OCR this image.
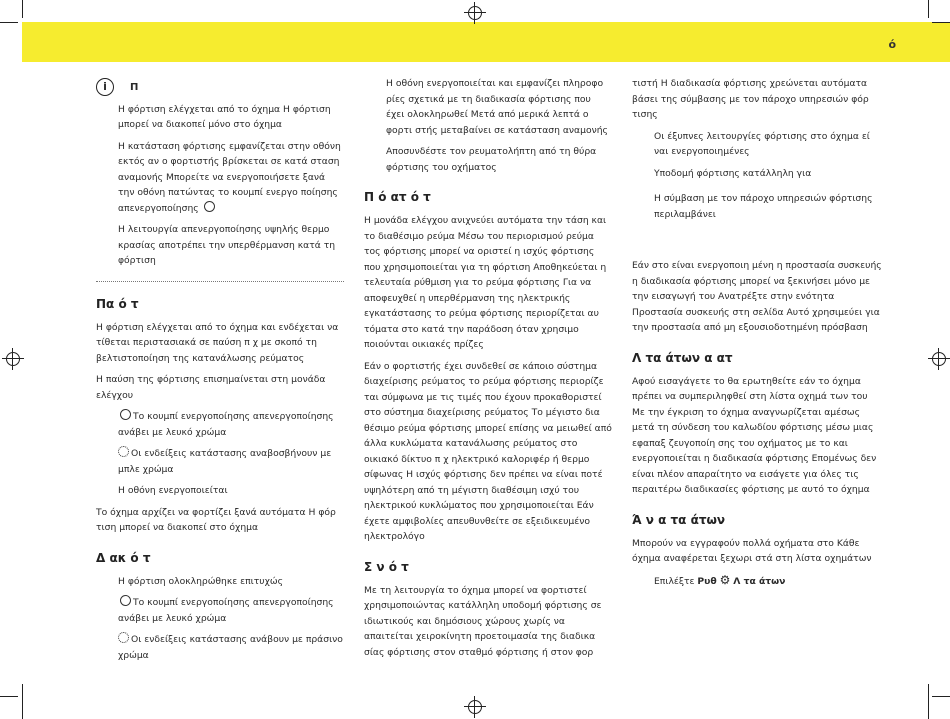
ό
i	Π

Η φόρτιση ελέγχεται από το όχημα Η φόρτιση μπορεί να διακοπεί μόνο στο όχημα

Η κατάσταση φόρτισης εμφανίζεται στην οθόνη εκτός αν ο φορτιστής βρίσκεται σε κατά σταση αναμονής Μπορείτε να ενεργοποιήσετε ξανά την οθόνη πατώντας το κουμπί ενεργο ποίησης απενεργοποίησης

Η λειτουργία απενεργοποίησης υψηλής θερμο κρασίας αποτρέπει την υπερθέρμανση κατά τη φόρτιση

Πα ό τ

Η φόρτιση ελέγχεται από το όχημα και ενδέχεται να τίθεται περιστασιακά σε παύση π χ με σκοπό τη βελτιστοποίηση της κατανάλωσης ρεύματος

Η παύση της φόρτισης επισημαίνεται στη μονάδα ελέγχου

Το κουμπί ενεργοποίησης απενεργοποίησης ανάβει με λευκό χρώμα

Οι ενδείξεις κατάστασης αναβοσβήνουν με μπλε χρώμα

Η οθόνη ενεργοποιείται

Το όχημα αρχίζει να φορτίζει ξανά αυτόματα Η φόρ τιση μπορεί να διακοπεί στο όχημα

Δ ακ ό τ

Η φόρτιση ολοκληρώθηκε επιτυχώς

Το κουμπί ενεργοποίησης απενεργοποίησης ανάβει με λευκό χρώμα

Οι ενδείξεις κατάστασης ανάβουν με πράσινο χρώμα

Η οθόνη ενεργοποιείται και εμφανίζει πληροφο ρίες σχετικά με τη διαδικασία φόρτισης που έχει ολοκληρωθεί Μετά από μερικά λεπτά ο φορτι στής μεταβαίνει σε κατάσταση αναμονής

Αποσυνδέστε τον ρευματολήπτη από τη θύρα φόρτισης του οχήματος

Π ό ατ ό τ

Η μονάδα ελέγχου ανιχνεύει αυτόματα την τάση και το διαθέσιμο ρεύμα Μέσω του περιορισμού ρεύμα τος φόρτισης μπορεί να οριστεί η ισχύς φόρτισης που χρησιμοποιείται για τη φόρτιση Αποθηκεύεται η τελευταία ρύθμιση για το ρεύμα φόρτισης Για να αποφευχθεί η υπερθέρμανση της ηλεκτρικής εγκατάστασης το ρεύμα φόρτισης περιορίζεται αυ τόματα στο κατά την παράδοση όταν χρησιμο ποιούνται οικιακές πρίζες

Εάν ο φορτιστής έχει συνδεθεί σε κάποιο σύστημα διαχείρισης ρεύματος το ρεύμα φόρτισης περιορίζε ται σύμφωνα με τις τιμές που έχουν προκαθοριστεί στο σύστημα διαχείρισης ρεύματος Το μέγιστο δια θέσιμο ρεύμα φόρτισης μπορεί επίσης να μειωθεί από άλλα κυκλώματα κατανάλωσης ρεύματος στο οικιακό δίκτυο π χ ηλεκτρικό καλοριφέρ ή θερμο σίφωνας Η ισχύς φόρτισης δεν πρέπει να είναι ποτέ υψηλότερη από τη μέγιστη διαθέσιμη ισχύ του ηλεκτρικού κυκλώματος που χρησιμοποιείται Εάν έχετε αμφιβολίες απευθυνθείτε σε εξειδικευμένο ηλεκτρολόγο

Σ ν ό τ

Με τη λειτουργία το όχημα μπορεί να φορτιστεί χρησιμοποιώντας κατάλληλη υποδομή φόρτισης σε ιδιωτικούς και δημόσιους χώρους χωρίς να απαιτείται χειροκίνητη προετοιμασία της διαδικα σίας φόρτισης στον σταθμό φόρτισης ή στον φορ

τιστή Η διαδικασία φόρτισης χρεώνεται αυτόματα βάσει της σύμβασης με τον πάροχο υπηρεσιών φόρ τισης

Οι έξυπνες λειτουργίες φόρτισης στο όχημα εί ναι ενεργοποιημένες

Υποδομή φόρτισης κατάλληλη για

Η σύμβαση με τον πάροχο υπηρεσιών φόρτισης περιλαμβάνει

Εάν στο είναι ενεργοποιη μένη η προστασία συσκευής η διαδικασία φόρτισης μπορεί να ξεκινήσει μόνο με την εισαγωγή του Ανατρέξτε στην ενότητα Προστασία συσκευής στη σελίδα Αυτό χρησιμεύει για την προστασία από μη εξουσιοδοτημένη πρόσβαση

Λ τα άτων α ατ

Αφού εισαγάγετε το θα ερωτηθείτε εάν το όχημα πρέπει να συμπεριληφθεί στη λίστα οχημά των του Με την έγκριση το όχημα αναγνωρίζεται αμέσως μετά τη σύνδεση του καλωδίου φόρτισης μέσω μιας εφαπαξ ζευγοποίη σης του οχήματος με το και ενεργοποιείται η διαδικασία φόρτισης Επομένως δεν είναι πλέον απαραίτητο να εισάγετε για όλες τις περαιτέρω διαδικασίες φόρτισης με αυτό το όχημα

Ά ν α τα άτων

Μπορούν να εγγραφούν πολλά οχήματα στο Κάθε όχημα αναφέρεται ξεχωρι στά στη λίστα οχημάτων

Επιλέξτε Ρυθ ⚙ Λ τα άτων
